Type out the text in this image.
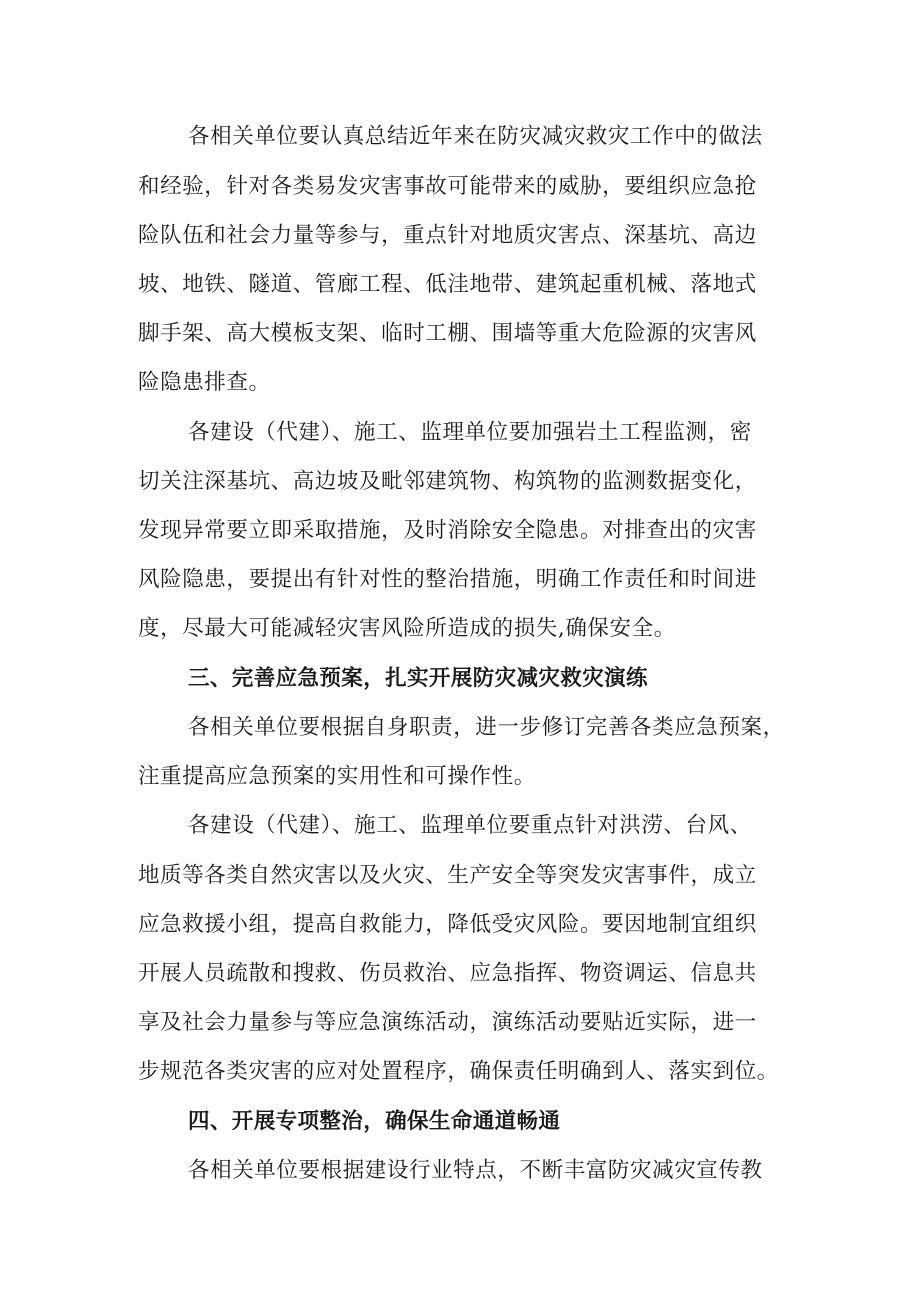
各相关单位要认真总结近年来在防灾减灾救灾工作中的做法
和经验，针对各类易发灾害事故可能带来的威胁，要组织应急抢
险队伍和社会力量等参与，重点针对地质灾害点、深基坑、高边
坡、地铁、隧道、管廊工程、低洼地带、建筑起重机械、落地式
脚手架、高大模板支架、临时工棚、围墙等重大危险源的灾害风
险隐患排查。
各建设（代建）、施工、监理单位要加强岩土工程监测，密
切关注深基坑、高边坡及毗邻建筑物、构筑物的监测数据变化，
发现异常要立即采取措施，及时消除安全隐患。对排查出的灾害
风险隐患，要提出有针对性的整治措施，明确工作责任和时间进
度，尽最大可能减轻灾害风险所造成的损失,确保安全。
三、完善应急预案，扎实开展防灾减灾救灾演练
各相关单位要根据自身职责，进一步修订完善各类应急预案，
注重提高应急预案的实用性和可操作性。
各建设（代建）、施工、监理单位要重点针对洪涝、台风、
地质等各类自然灾害以及火灾、生产安全等突发灾害事件，成立
应急救援小组，提高自救能力，降低受灾风险。要因地制宜组织
开展人员疏散和搜救、伤员救治、应急指挥、物资调运、信息共
享及社会力量参与等应急演练活动，演练活动要贴近实际，进一
步规范各类灾害的应对处置程序，确保责任明确到人、落实到位。
四、开展专项整治，确保生命通道畅通
各相关单位要根据建设行业特点，不断丰富防灾减灾宣传教
